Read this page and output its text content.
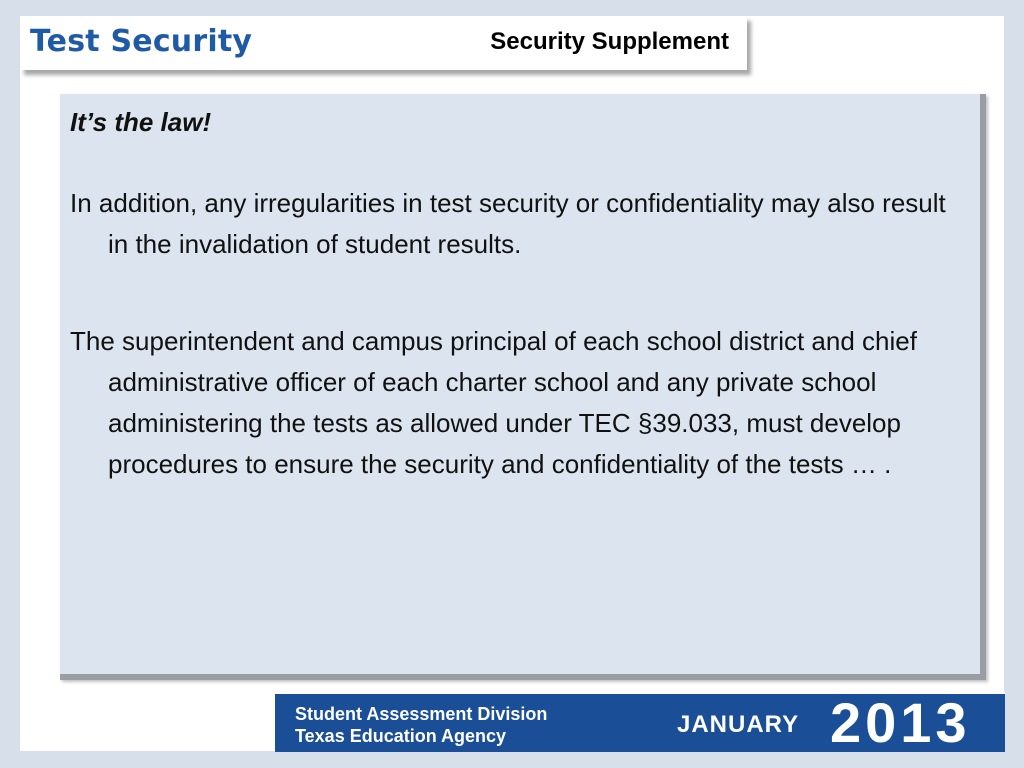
Test Security	Security Supplement

It’s the law!

In addition, any irregularities in test security or confidentiality may also result in the invalidation of student results.

The superintendent and campus principal of each school district and chief administrative officer of each charter school and any private school administering the tests as allowed under TEC §39.033, must develop procedures to ensure the security and confidentiality of the tests … .

Student Assessment Division
Texas Education Agency	JANUARY 2013
